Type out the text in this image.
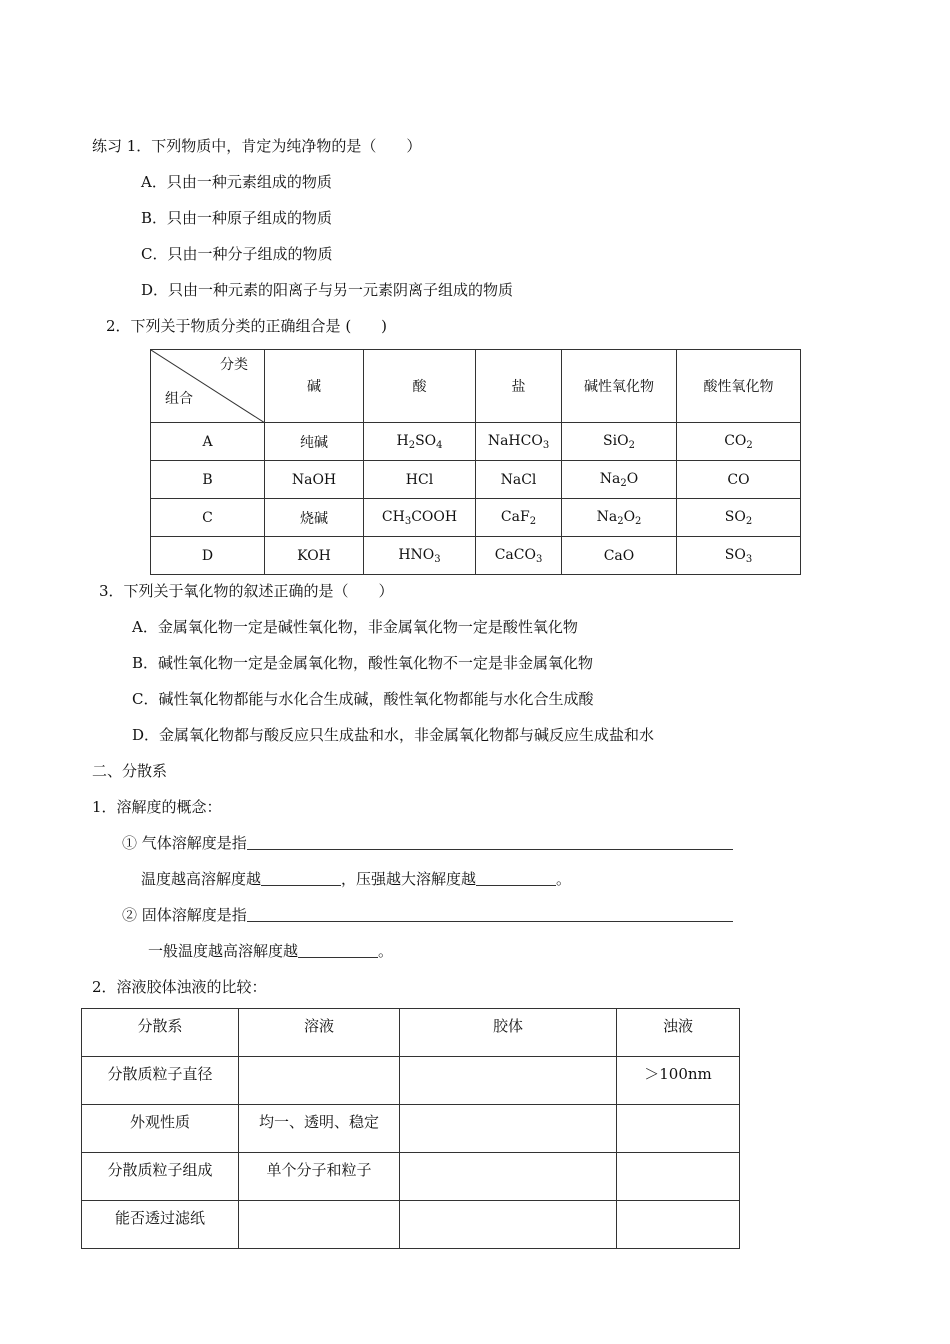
练习 1．下列物质中，肯定为纯净物的是（　　）
A．只由一种元素组成的物质
B．只由一种原子组成的物质
C．只由一种分子组成的物质
D．只由一种元素的阳离子与另一元素阴离子组成的物质
2．下列关于物质分类的正确组合是 (　　)
分类
组合	碱	酸	盐	碱性氧化物	酸性氧化物
A	纯碱	$H_2SO_4$	NaHCO$_3$	SiO$_2$	$CO_2$
B	NaOH	HCl	NaCl	$Na_2O$	CO
C	烧碱	$CH_3COOH$	CaF$_2$	$Na_2O_2$	$SO_2$
D	KOH	$HNO_3$	CaCO$_3$	CaO	$SO_3$
3．下列关于氧化物的叙述正确的是（　　）
A．金属氧化物一定是碱性氧化物，非金属氧化物一定是酸性氧化物
B．碱性氧化物一定是金属氧化物，酸性氧化物不一定是非金属氧化物
C．碱性氧化物都能与水化合生成碱，酸性氧化物都能与水化合生成酸
D．金属氧化物都与酸反应只生成盐和水，非金属氧化物都与碱反应生成盐和水
二、分散系
1．溶解度的概念：
① 气体溶解度是指
温度越高溶解度越	，压强越大溶解度越	。
② 固体溶解度是指
一般温度越高溶解度越	。
2．溶液胶体浊液的比较：
分散系	溶液	胶体	浊液
分散质粒子直径			＞100nm
外观性质	均一、透明、稳定		
分散质粒子组成	单个分子和粒子		
能否透过滤纸			
